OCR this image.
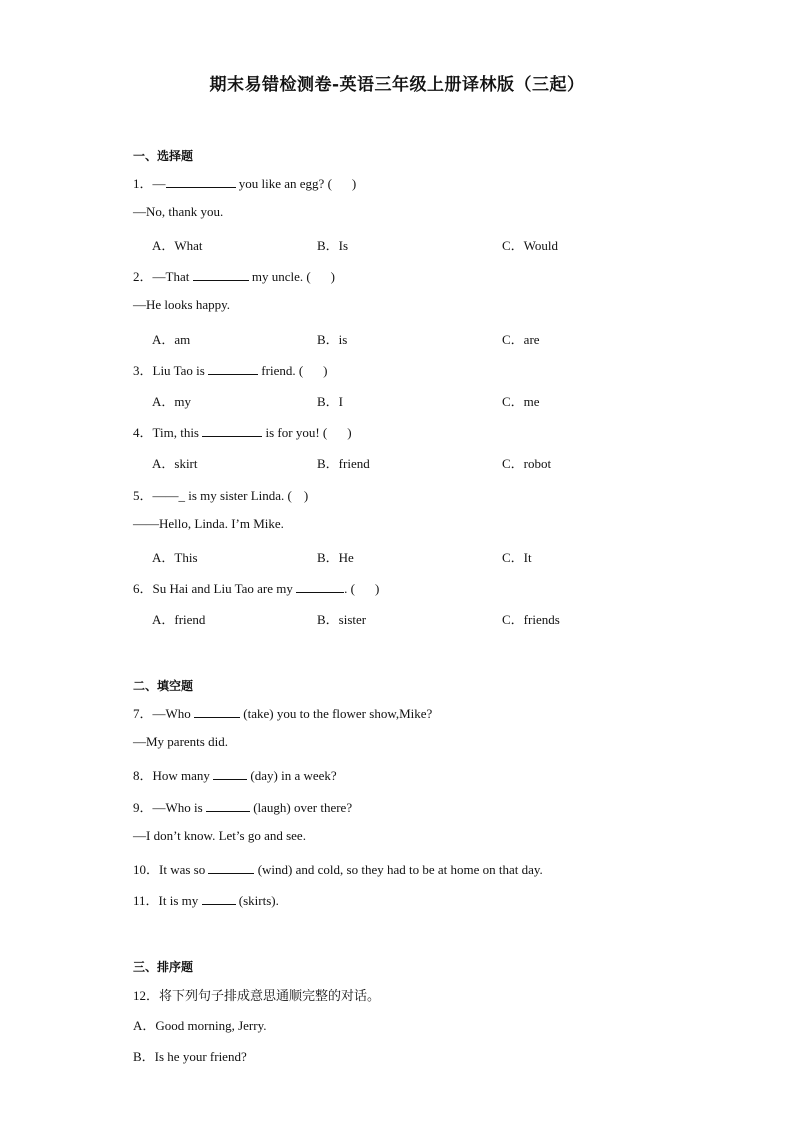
期末易错检测卷-英语三年级上册译林版（三起）
一、选择题
1．—	you like an egg? ( )
—No, thank you.
A．What	B．Is	C．Would
2．—That	my uncle. ( )
—He looks happy.
A．am	B．is	C．are
3．Liu Tao is	friend. ( )
A．my	B．I	C．me
4．Tim, this	is for you! ( )
A．skirt	B．friend	C．robot
5．——_ is my sister Linda. ( )
——Hello, Linda. I’m Mike.
A．This	B．He	C．It
6．Su Hai and Liu Tao are my	. ( )
A．friend	B．sister	C．friends
二、填空题
7．—Who	(take) you to the flower show,Mike?
—My parents did.
8．How many	(day) in a week?
9．—Who is	(laugh) over there?
—I don’t know. Let’s go and see.
10．It was so	(wind) and cold, so they had to be at home on that day.
11．It is my	(skirts).
三、排序题
12．将下列句子排成意思通顺完整的对话。
A．Good morning, Jerry.
B．Is he your friend?
